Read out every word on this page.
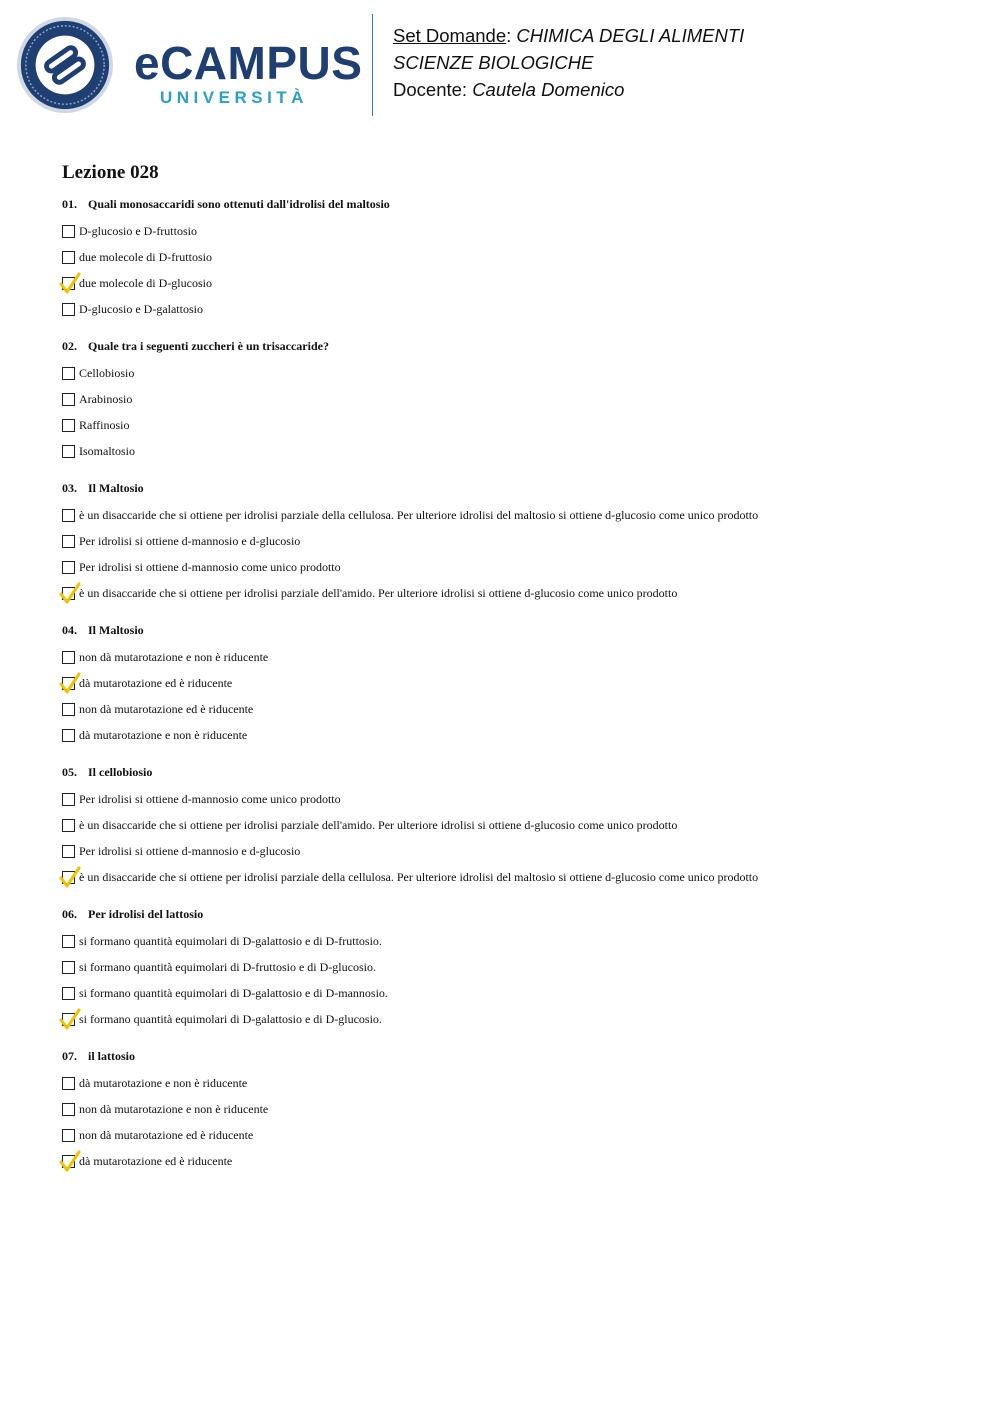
eCAMPUS
UNIVERSITÀ
Set Domande: CHIMICA DEGLI ALIMENTI
SCIENZE BIOLOGICHE
Docente: Cautela Domenico
Lezione 028
01. Quali monosaccaridi sono ottenuti dall'idrolisi del maltosio
D-glucosio e D-fruttosio
due molecole di D-fruttosio
due molecole di D-glucosio
D-glucosio e D-galattosio
02. Quale tra i seguenti zuccheri è un trisaccaride?
Cellobiosio
Arabinosio
Raffinosio
Isomaltosio
03. Il Maltosio
è un disaccaride che si ottiene per idrolisi parziale della cellulosa. Per ulteriore idrolisi del maltosio si ottiene d-glucosio come unico prodotto
Per idrolisi si ottiene d-mannosio e d-glucosio
Per idrolisi si ottiene d-mannosio come unico prodotto
è un disaccaride che si ottiene per idrolisi parziale dell'amido. Per ulteriore idrolisi si ottiene d-glucosio come unico prodotto
04. Il Maltosio
non dà mutarotazione e non è riducente
dà mutarotazione ed è riducente
non dà mutarotazione ed è riducente
dà mutarotazione e non è riducente
05. Il cellobiosio
Per idrolisi si ottiene d-mannosio come unico prodotto
è un disaccaride che si ottiene per idrolisi parziale dell'amido. Per ulteriore idrolisi si ottiene d-glucosio come unico prodotto
Per idrolisi si ottiene d-mannosio e d-glucosio
è un disaccaride che si ottiene per idrolisi parziale della cellulosa. Per ulteriore idrolisi del maltosio si ottiene d-glucosio come unico prodotto
06. Per idrolisi del lattosio
si formano quantità equimolari di D-galattosio e di D-fruttosio.
si formano quantità equimolari di D-fruttosio e di D-glucosio.
si formano quantità equimolari di D-galattosio e di D-mannosio.
si formano quantità equimolari di D-galattosio e di D-glucosio.
07. il lattosio
dà mutarotazione e non è riducente
non dà mutarotazione e non è riducente
non dà mutarotazione ed è riducente
dà mutarotazione ed è riducente
